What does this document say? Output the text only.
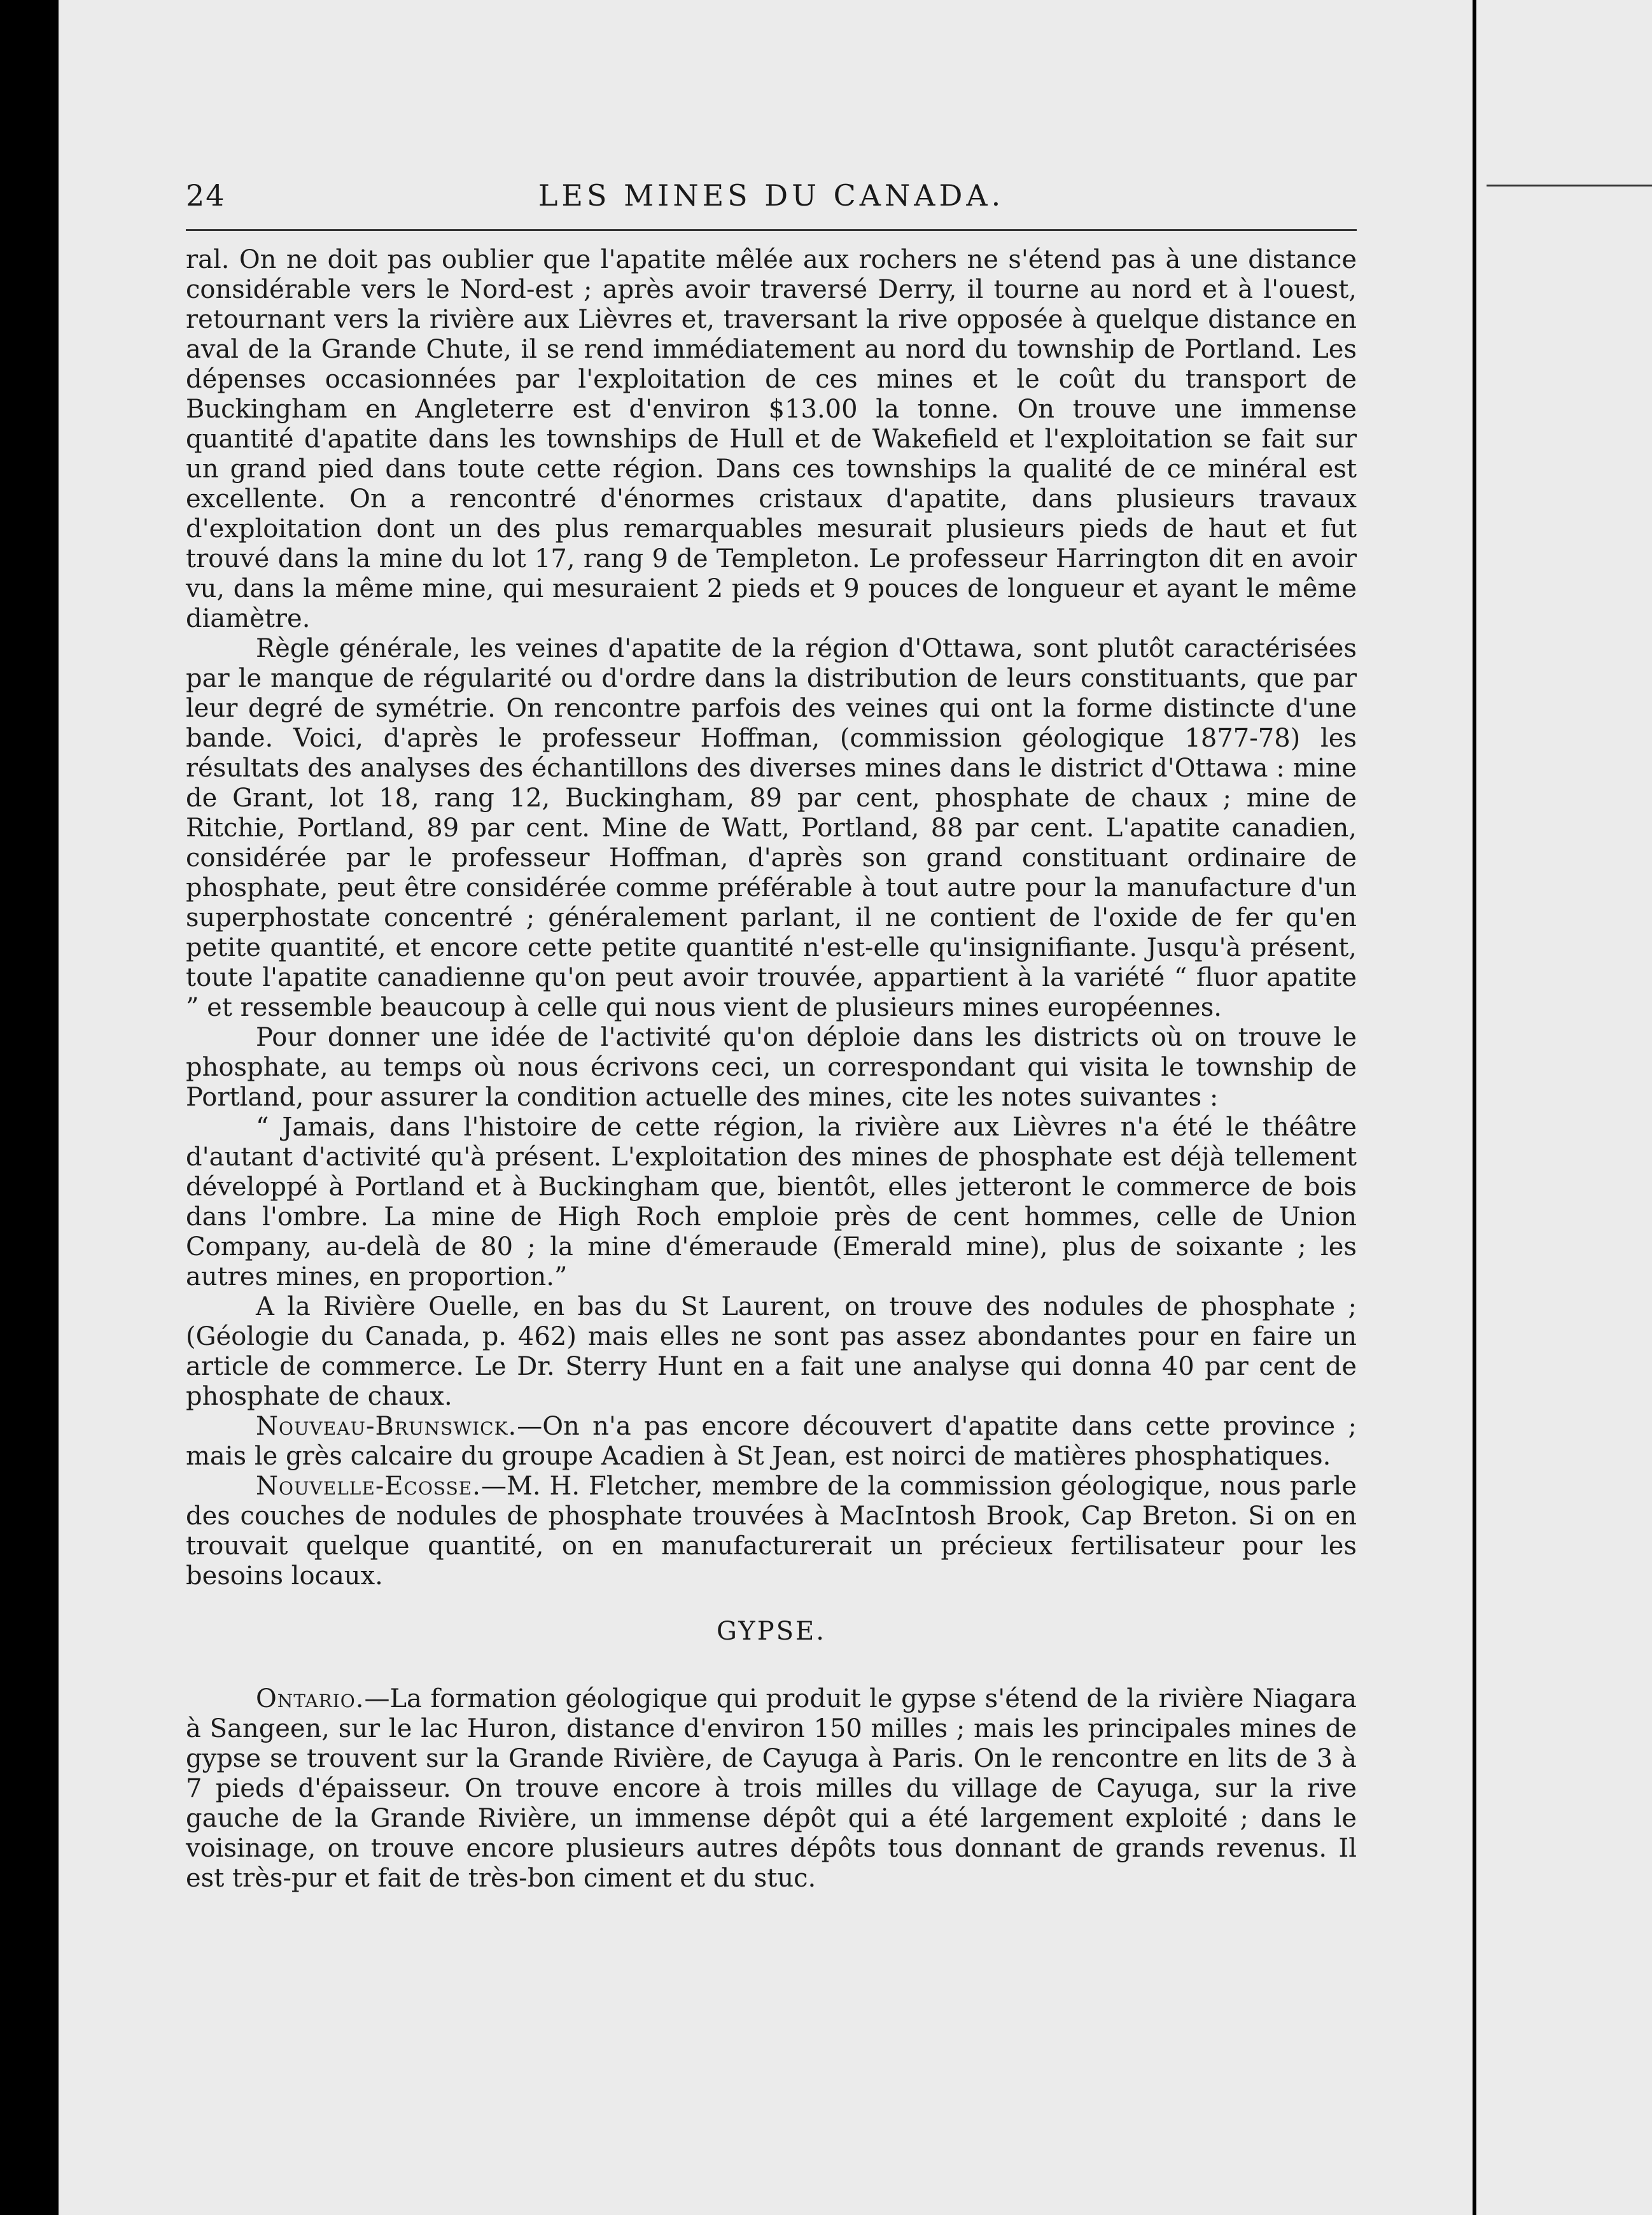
24	LES MINES DU CANADA.

ral. On ne doit pas oublier que l'apatite mêlée aux rochers ne s'étend pas à une distance considérable vers le Nord-est ; après avoir traversé Derry, il tourne au nord et à l'ouest, retournant vers la rivière aux Lièvres et, traversant la rive opposée à quelque distance en aval de la Grande Chute, il se rend immédiatement au nord du township de Portland. Les dépenses occasionnées par l'exploitation de ces mines et le coût du transport de Buckingham en Angleterre est d'environ $13.00 la tonne. On trouve une immense quantité d'apatite dans les townships de Hull et de Wakefield et l'exploitation se fait sur un grand pied dans toute cette région. Dans ces townships la qualité de ce minéral est excellente. On a rencontré d'énormes cristaux d'apatite, dans plusieurs travaux d'exploitation dont un des plus remarquables mesurait plusieurs pieds de haut et fut trouvé dans la mine du lot 17, rang 9 de Templeton. Le professeur Harrington dit en avoir vu, dans la même mine, qui mesuraient 2 pieds et 9 pouces de longueur et ayant le même diamètre.

Règle générale, les veines d'apatite de la région d'Ottawa, sont plutôt caractérisées par le manque de régularité ou d'ordre dans la distribution de leurs constituants, que par leur degré de symétrie. On rencontre parfois des veines qui ont la forme distincte d'une bande. Voici, d'après le professeur Hoffman, (commission géologique 1877-78) les résultats des analyses des échantillons des diverses mines dans le district d'Ottawa : mine de Grant, lot 18, rang 12, Buckingham, 89 par cent, phosphate de chaux ; mine de Ritchie, Portland, 89 par cent. Mine de Watt, Portland, 88 par cent. L'apatite canadien, considérée par le professeur Hoffman, d'après son grand constituant ordinaire de phosphate, peut être considérée comme préférable à tout autre pour la manufacture d'un superphostate concentré ; généralement parlant, il ne contient de l'oxide de fer qu'en petite quantité, et encore cette petite quantité n'est-elle qu'insignifiante. Jusqu'à présent, toute l'apatite canadienne qu'on peut avoir trouvée, appartient à la variété “ fluor apatite ” et ressemble beaucoup à celle qui nous vient de plusieurs mines européennes.

Pour donner une idée de l'activité qu'on déploie dans les districts où on trouve le phosphate, au temps où nous écrivons ceci, un correspondant qui visita le township de Portland, pour assurer la condition actuelle des mines, cite les notes suivantes :

“ Jamais, dans l'histoire de cette région, la rivière aux Lièvres n'a été le théâtre d'autant d'activité qu'à présent. L'exploitation des mines de phosphate est déjà tellement développé à Portland et à Buckingham que, bientôt, elles jetteront le commerce de bois dans l'ombre. La mine de High Roch emploie près de cent hommes, celle de Union Company, au-delà de 80 ; la mine d'émeraude (Emerald mine), plus de soixante ; les autres mines, en proportion.”

A la Rivière Ouelle, en bas du St Laurent, on trouve des nodules de phosphate ; (Géologie du Canada, p. 462) mais elles ne sont pas assez abondantes pour en faire un article de commerce. Le Dr. Sterry Hunt en a fait une analyse qui donna 40 par cent de phosphate de chaux.

Nouveau-Brunswick.—On n'a pas encore découvert d'apatite dans cette province ; mais le grès calcaire du groupe Acadien à St Jean, est noirci de matières phosphatiques.

Nouvelle-Ecosse.—M. H. Fletcher, membre de la commission géologique, nous parle des couches de nodules de phosphate trouvées à MacIntosh Brook, Cap Breton. Si on en trouvait quelque quantité, on en manufacturerait un précieux fertilisateur pour les besoins locaux.

GYPSE.

Ontario.—La formation géologique qui produit le gypse s'étend de la rivière Niagara à Sangeen, sur le lac Huron, distance d'environ 150 milles ; mais les principales mines de gypse se trouvent sur la Grande Rivière, de Cayuga à Paris. On le rencontre en lits de 3 à 7 pieds d'épaisseur. On trouve encore à trois milles du village de Cayuga, sur la rive gauche de la Grande Rivière, un immense dépôt qui a été largement exploité ; dans le voisinage, on trouve encore plusieurs autres dépôts tous donnant de grands revenus. Il est très-pur et fait de très-bon ciment et du stuc.
